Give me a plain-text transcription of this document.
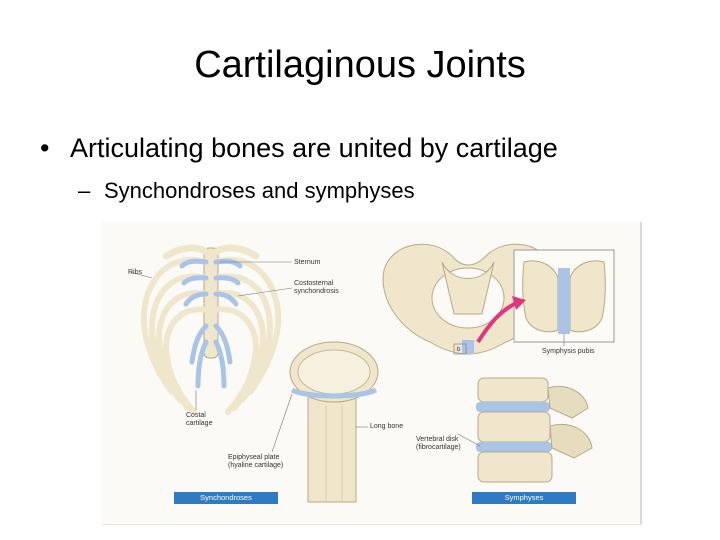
Cartilaginous Joints
• Articulating bones are united by cartilage
– Synchondroses and symphyses
Ribs
Sternum
Costosternal
synchondrosis
Costal
cartilage
Epiphyseal plate
(hyaline cartilage)
Long bone
Symphysis pubis
b
Vertebral disk
(fibrocartilage)
Synchondroses	Symphyses
